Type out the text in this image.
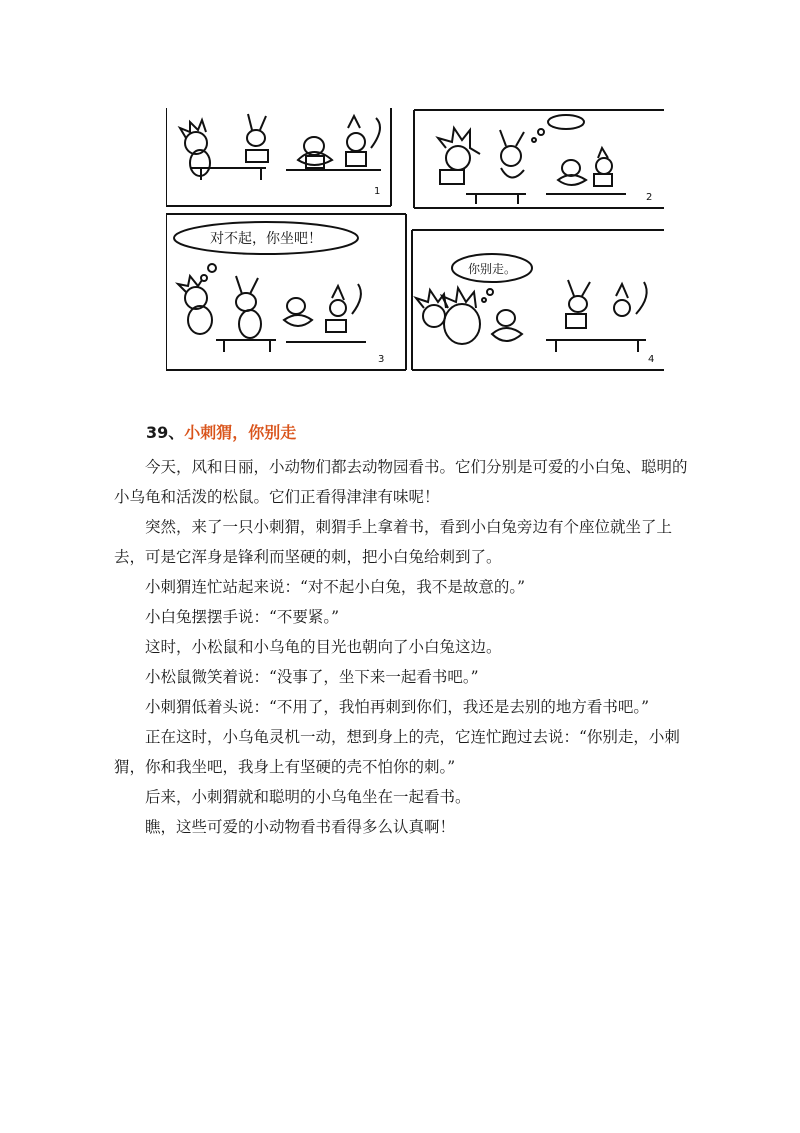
1
2
3	4
对不起，你坐吧！
你别走。
39、小刺猬，你别走

今天，风和日丽，小动物们都去动物园看书。它们分别是可爱的小白兔、聪明的小乌龟和活泼的松鼠。它们正看得津津有味呢！

突然，来了一只小刺猬，刺猬手上拿着书，看到小白兔旁边有个座位就坐了上去，可是它浑身是锋利而坚硬的刺，把小白兔给刺到了。

小刺猬连忙站起来说：“对不起小白兔，我不是故意的。”

小白兔摆摆手说：“不要紧。”

这时，小松鼠和小乌龟的目光也朝向了小白兔这边。

小松鼠微笑着说：“没事了，坐下来一起看书吧。”

小刺猬低着头说：“不用了，我怕再刺到你们，我还是去别的地方看书吧。”

正在这时，小乌龟灵机一动，想到身上的壳，它连忙跑过去说：“你别走，小刺猬，你和我坐吧，我身上有坚硬的壳不怕你的刺。”

后来，小刺猬就和聪明的小乌龟坐在一起看书。

瞧，这些可爱的小动物看书看得多么认真啊！
